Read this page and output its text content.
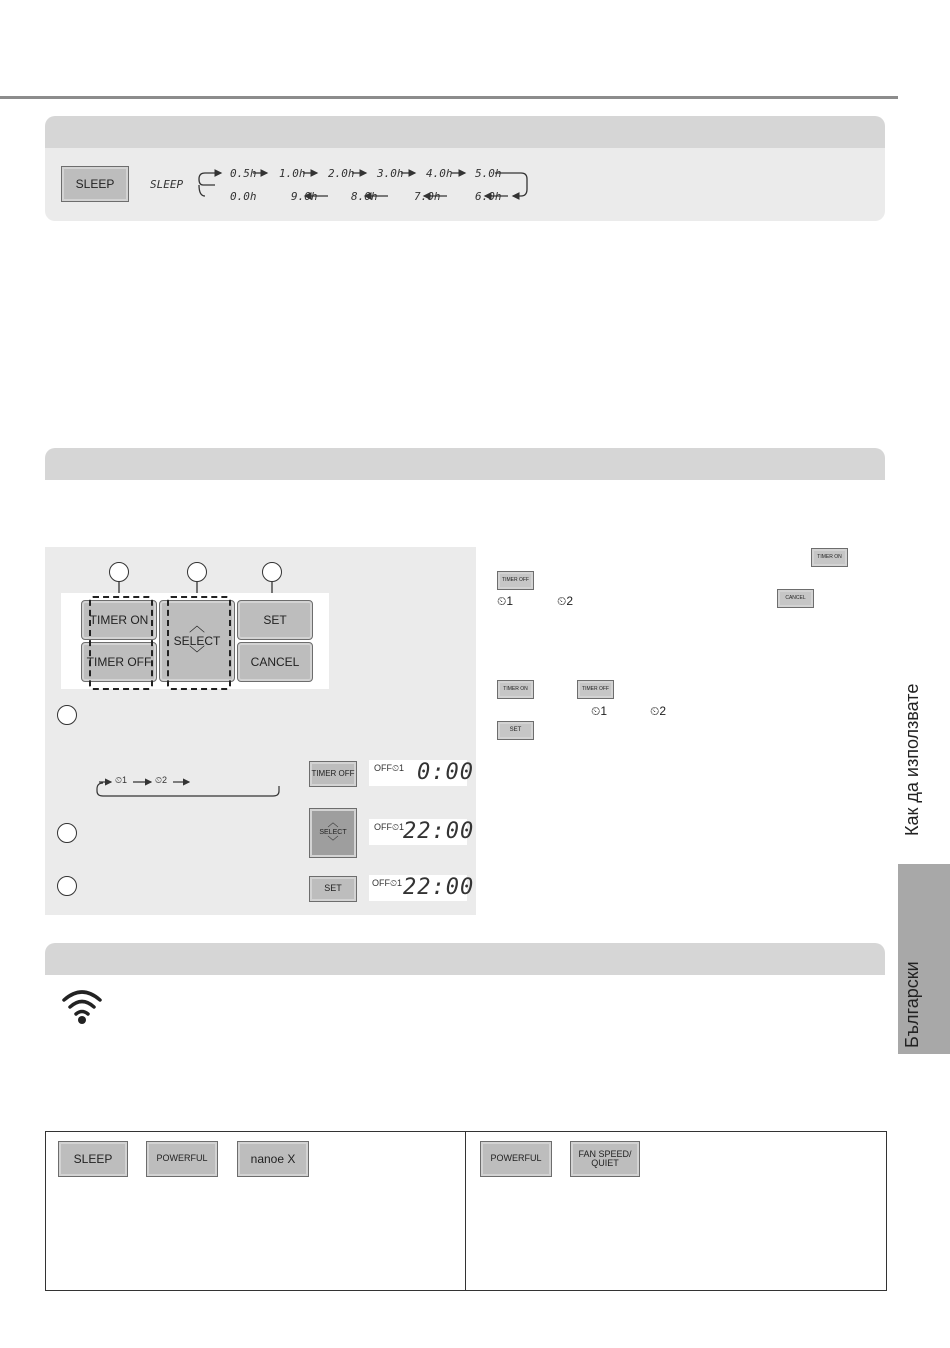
SLEEP	SLEEP
0.5h 1.0h 2.0h 3.0h 4.0h 5.0h
0.0h	9.0h	8.0h	7.0h	6.0h
TIMER ON
TIMER OFF
︿
SELECT
﹀
SET
CANCEL
⏲1	⏲2
TIMER OFF
OFF⏲1 0:00
︿
SELECT
﹀
OFF⏲1
22:00
SET
OFF⏲1 22:00
TIMER ON
TIMER OFF
⏲1	⏲2	CANCEL
TIMER ON	TIMER OFF
⏲1	⏲2
SET
SLEEP	POWERFUL	nanoe X	POWERFUL	FAN SPEED/ QUIET
Как да използвате
Български
